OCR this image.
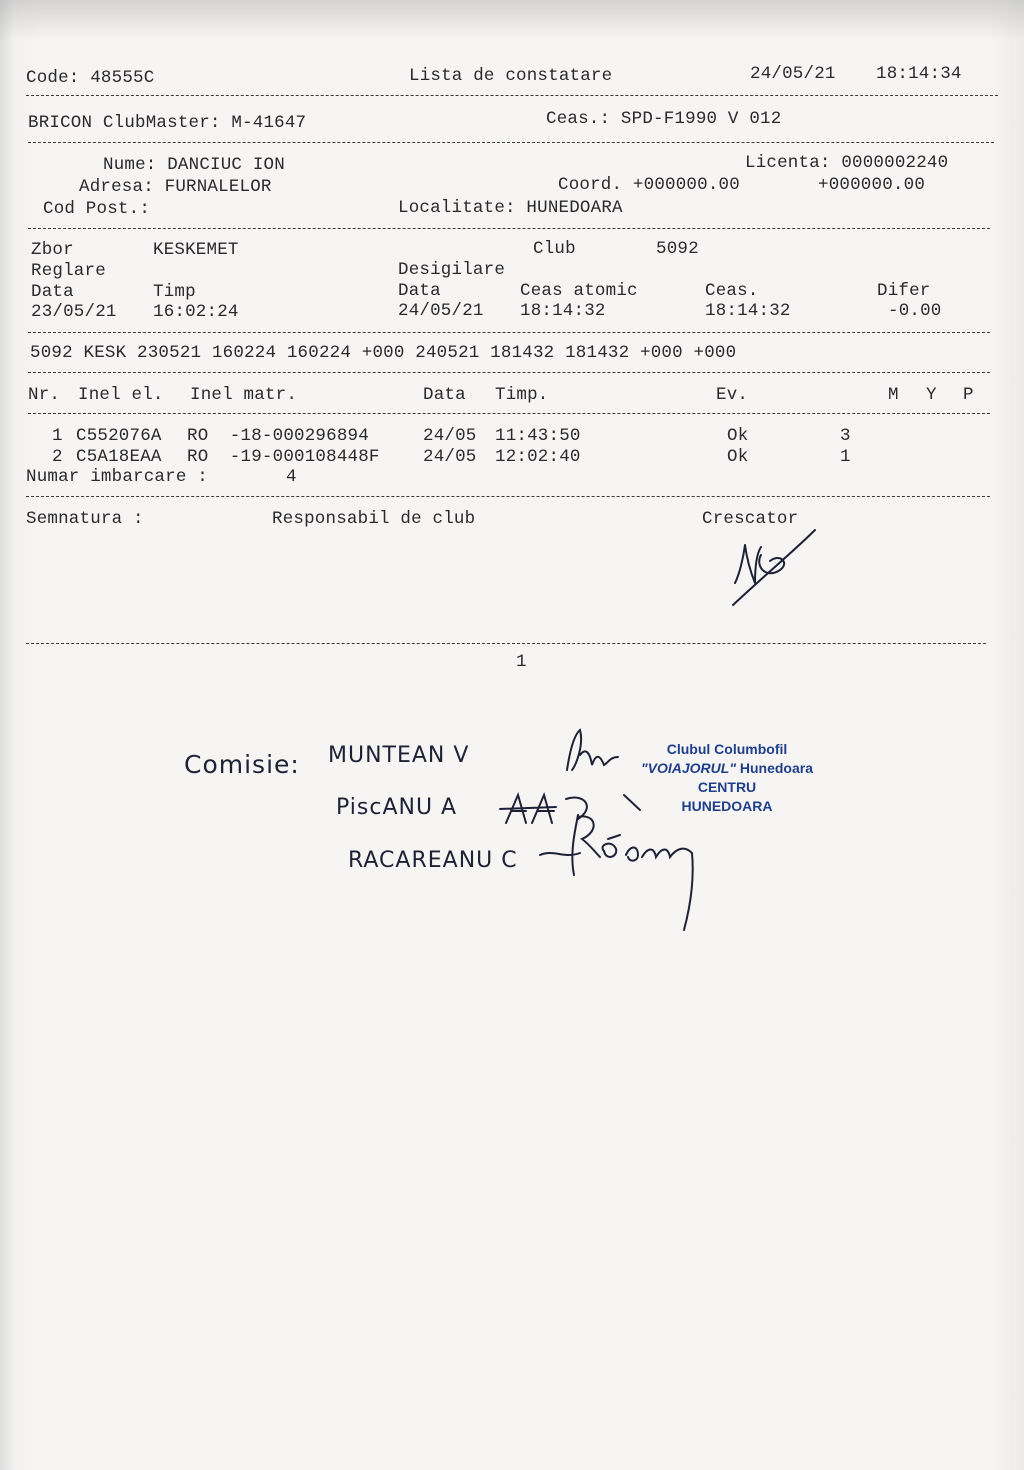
Code: 48555C	Lista de constatare	24/05/21 18:14:34
BRICON ClubMaster: M-41647	Ceas.: SPD-F1990 V 012
Nume: DANCIUC ION	Licenta: 0000002240
Adresa: FURNALELOR	Coord. +000000.00	+000000.00
Cod Post.:	Localitate: HUNEDOARA
Zbor	KESKEMET	Club	5092
Reglare	Desigilare
Data	Timp	Data	Ceas atomic	Ceas.	Difer
23/05/21 16:02:24	24/05/21 18:14:32	18:14:32	-0.00
5092 KESK 230521 160224 160224 +000 240521 181432 181432 +000 +000
Nr. Inel el. Inel matr.	Data Timp.	Ev.	M Y P
1 C552076A RO  -18-000296894	24/05 11:43:50	Ok	3
2 C5A18EAA RO  -19-000108448F 24/05 12:02:40	Ok	1
Numar imbarcare :	4
Semnatura :	Responsabil de club	Crescator
1
Comisie: MUNTEAN V
PiscANU A
RACAREANU C
Clubul Columbofil
"VOIAJORUL" Hunedoara
CENTRU
HUNEDOARA
